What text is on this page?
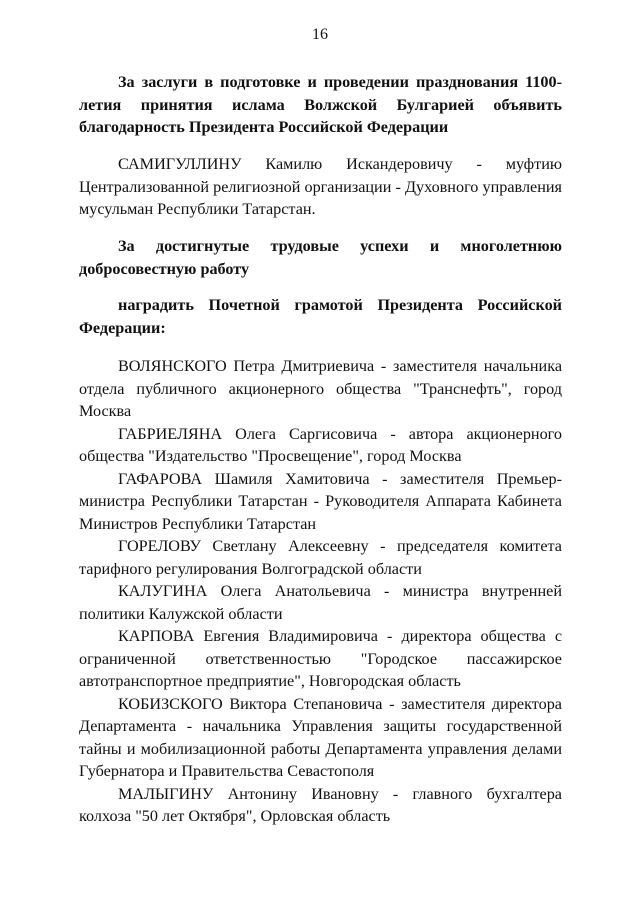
16
За заслуги в подготовке и проведении празднования 1100-летия принятия ислама Волжской Булгарией объявить благодарность Президента Российской Федерации
САМИГУЛЛИНУ Камилю Искандеровичу - муфтию Централизованной религиозной организации - Духовного управления мусульман Республики Татарстан.
За достигнутые трудовые успехи и многолетнюю добросовестную работу
наградить Почетной грамотой Президента Российской Федерации:

ВОЛЯНСКОГО Петра Дмитриевича - заместителя начальника отдела публичного акционерного общества "Транснефть", город Москва

ГАБРИЕЛЯНА Олега Саргисовича - автора акционерного общества "Издательство "Просвещение", город Москва

ГАФАРОВА Шамиля Хамитовича - заместителя Премьер-министра Республики Татарстан - Руководителя Аппарата Кабинета Министров Республики Татарстан

ГОРЕЛОВУ Светлану Алексеевну - председателя комитета тарифного регулирования Волгоградской области

КАЛУГИНА Олега Анатольевича - министра внутренней политики Калужской области

КАРПОВА Евгения Владимировича - директора общества с ограниченной ответственностью "Городское пассажирское автотранспортное предприятие", Новгородская область

КОБИЗСКОГО Виктора Степановича - заместителя директора Департамента - начальника Управления защиты государственной тайны и мобилизационной работы Департамента управления делами Губернатора и Правительства Севастополя

МАЛЫГИНУ Антонину Ивановну - главного бухгалтера колхоза "50 лет Октября", Орловская область
